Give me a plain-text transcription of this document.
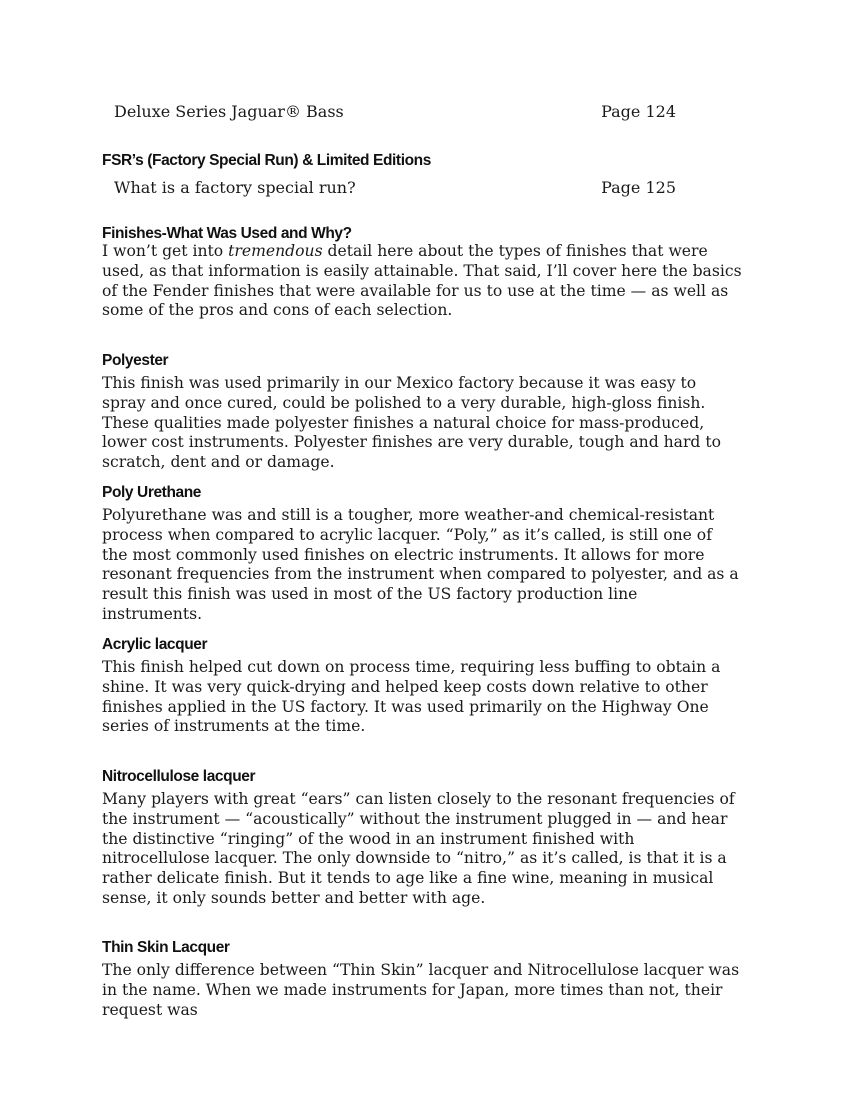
Deluxe Series Jaguar® Bass	Page 124
FSR’s (Factory Special Run) & Limited Editions
What is a factory special run?	Page 125
Finishes-What Was Used and Why?

I won’t get into tremendous detail here about the types of finishes that were used, as that information is easily attainable. That said, I’ll cover here the basics of the Fender finishes that were available for us to use at the time — as well as some of the pros and cons of each selection.

Polyester

This finish was used primarily in our Mexico factory because it was easy to spray and once cured, could be polished to a very durable, high-gloss finish. These qualities made polyester finishes a natural choice for mass-produced, lower cost instruments. Polyester finishes are very durable, tough and hard to scratch, dent and or damage.

Poly Urethane

Polyurethane was and still is a tougher, more weather-and chemical-resistant process when compared to acrylic lacquer. “Poly,” as it’s called, is still one of the most commonly used finishes on electric instruments. It allows for more resonant frequencies from the instrument when compared to polyester, and as a result this finish was used in most of the US factory production line instruments.

Acrylic lacquer

This finish helped cut down on process time, requiring less buffing to obtain a shine. It was very quick-drying and helped keep costs down relative to other finishes applied in the US factory. It was used primarily on the Highway One series of instruments at the time.

Nitrocellulose lacquer

Many players with great “ears” can listen closely to the resonant frequencies of the instrument — “acoustically” without the instrument plugged in — and hear the distinctive “ringing” of the wood in an instrument finished with nitrocellulose lacquer. The only downside to “nitro,” as it’s called, is that it is a rather delicate finish. But it tends to age like a fine wine, meaning in musical sense, it only sounds better and better with age.

Thin Skin Lacquer

The only difference between “Thin Skin” lacquer and Nitrocellulose lacquer was in the name. When we made instruments for Japan, more times than not, their request was
